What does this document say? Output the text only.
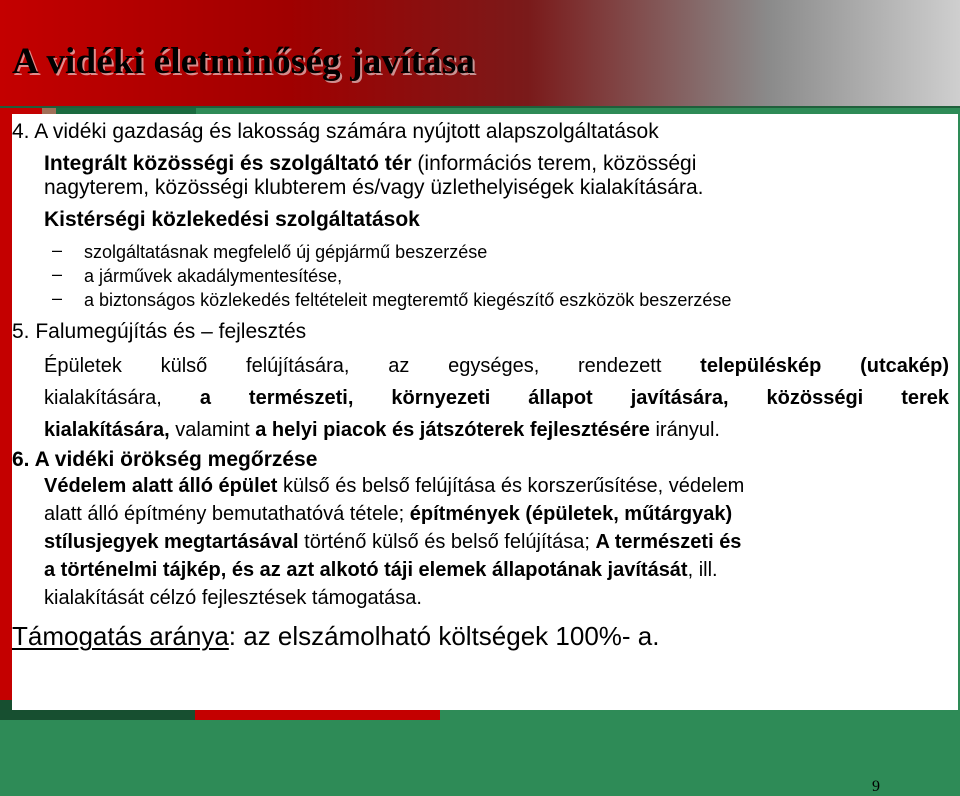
A vidéki életminőség javítása
4. A vidéki gazdaság és lakosság számára nyújtott alapszolgáltatások
Integrált közösségi és szolgáltató tér (információs terem, közösségi
nagyterem, közösségi klubterem és/vagy üzlethelyiségek kialakítására.
Kistérségi közlekedési szolgáltatások
– szolgáltatásnak megfelelő új gépjármű beszerzése
– a járművek akadálymentesítése,
– a biztonságos közlekedés feltételeit megteremtő kiegészítő eszközök beszerzése
5. Falumegújítás és – fejlesztés
Épületek külső felújítására, az egységes, rendezett településkép (utcakép)
kialakítására, a természeti, környezeti állapot javítására, közösségi terek
kialakítására, valamint a helyi piacok és játszóterek fejlesztésére irányul.
6. A vidéki örökség megőrzése
Védelem alatt álló épület külső és belső felújítása és korszerűsítése, védelem
alatt álló építmény bemutathatóvá tétele; építmények (épületek, műtárgyak)
stílusjegyek megtartásával történő külső és belső felújítása; A természeti és
a történelmi tájkép, és az azt alkotó táji elemek állapotának javítását, ill.
kialakítását célzó fejlesztések támogatása.
Támogatás aránya: az elszámolható költségek 100%- a.
9
